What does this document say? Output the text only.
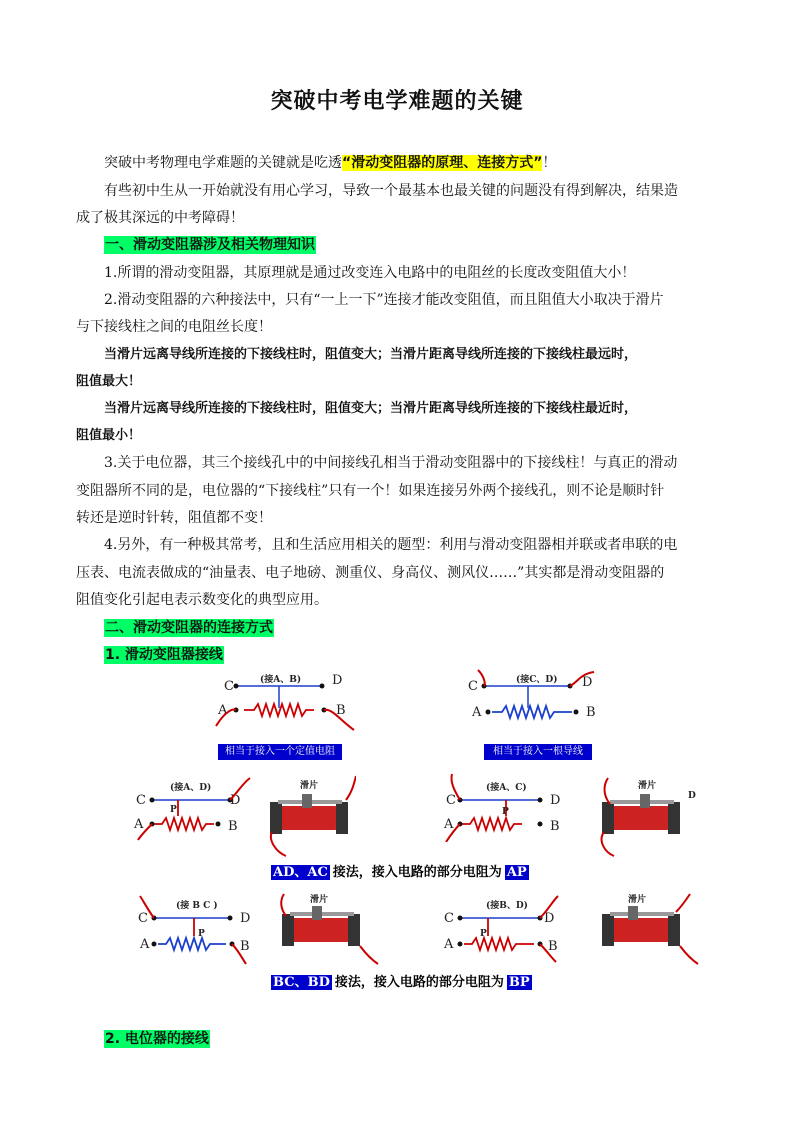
突破中考电学难题的关键
突破中考物理电学难题的关键就是吃透“滑动变阻器的原理、连接方式”！
有些初中生从一开始就没有用心学习，导致一个最基本也最关键的问题没有得到解决，结果造
成了极其深远的中考障碍！
一、滑动变阻器涉及相关物理知识
1.所谓的滑动变阻器，其原理就是通过改变连入电路中的电阻丝的长度改变阻值大小！
2.滑动变阻器的六种接法中，只有“一上一下”连接才能改变阻值，而且阻值大小取决于滑片
与下接线柱之间的电阻丝长度！
当滑片远离导线所连接的下接线柱时，阻值变大；当滑片距离导线所连接的下接线柱最远时，
阻值最大！
当滑片远离导线所连接的下接线柱时，阻值变大；当滑片距离导线所连接的下接线柱最近时，
阻值最小！
3.关于电位器，其三个接线孔中的中间接线孔相当于滑动变阻器中的下接线柱！与真正的滑动
变阻器所不同的是，电位器的“下接线柱”只有一个！如果连接另外两个接线孔，则不论是顺时针
转还是逆时针转，阻值都不变！
4.另外，有一种极其常考，且和生活应用相关的题型：利用与滑动变阻器相并联或者串联的电
压表、电流表做成的“油量表、电子地磅、测重仪、身高仪、测风仪……”其实都是滑动变阻器的
阻值变化引起电表示数变化的典型应用。
二、滑动变阻器的连接方式
1. 滑动变阻器接线
C	D
(接A、B)
A	B
相当于接入一个定值电阻
C	D
(接C、D)
A	B
相当于接入一根导线
C	D
(接A、D)
P
A	B
滑片
C	D
(接A、C)
P
A	B
滑片
D
AD、AC 接法，接入电路的部分电阻为 AP
C	D
(接 B C )
P
A	B
滑片
C	D
(接B、D)
P
A	B
滑片
BC、BD 接法，接入电路的部分电阻为 BP
2. 电位器的接线
